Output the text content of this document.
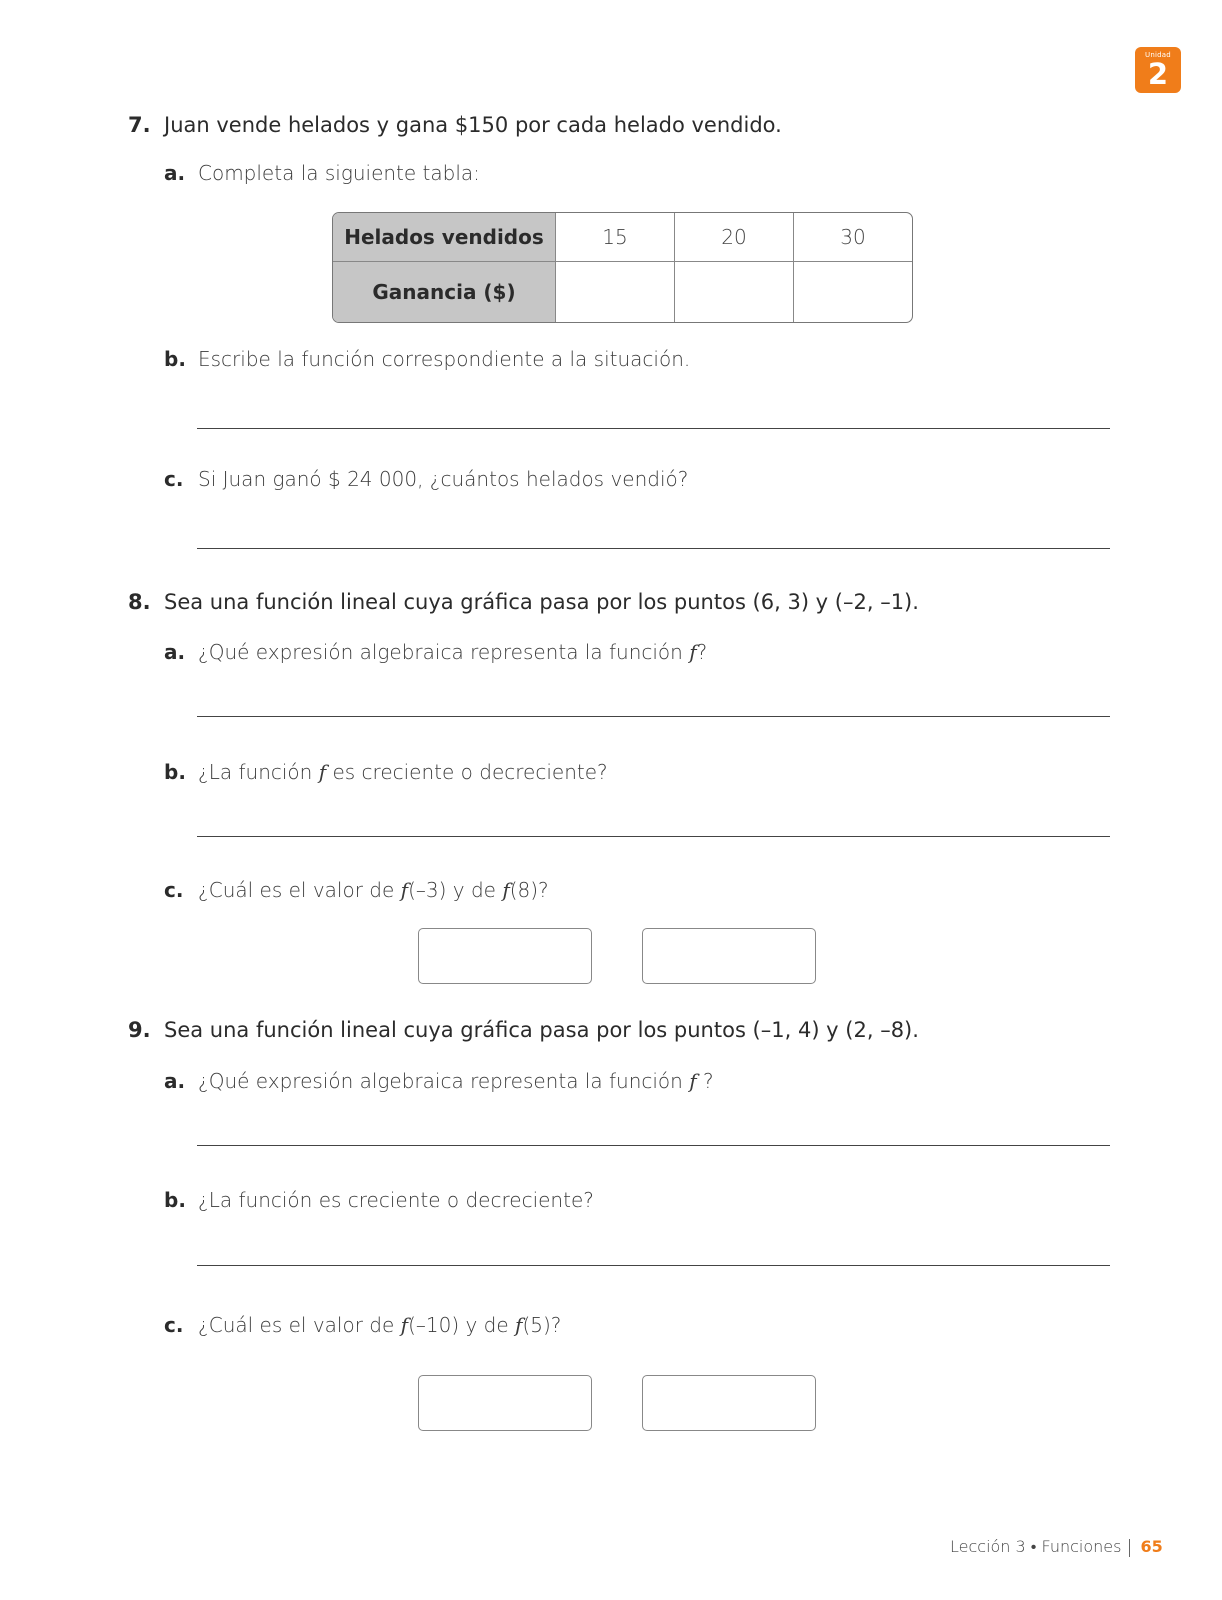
Unidad
2
7. Juan vende helados y gana $150 por cada helado vendido.
a. Completa la siguiente tabla:
Helados vendidos	15	20	30
Ganancia ($)			
b. Escribe la función correspondiente a la situación.
c. Si Juan ganó $ 24 000, ¿cuántos helados vendió?
8. Sea una función lineal cuya gráfica pasa por los puntos (6, 3) y (–2, –1).
a. ¿Qué expresión algebraica representa la función f?
b. ¿La función f es creciente o decreciente?
c. ¿Cuál es el valor de f(–3) y de f(8)?
9. Sea una función lineal cuya gráfica pasa por los puntos (–1, 4) y (2, –8).
a. ¿Qué expresión algebraica representa la función f ?
b. ¿La función es creciente o decreciente?
c. ¿Cuál es el valor de f(–10) y de f(5)?
Lección 3 • Funciones 65
